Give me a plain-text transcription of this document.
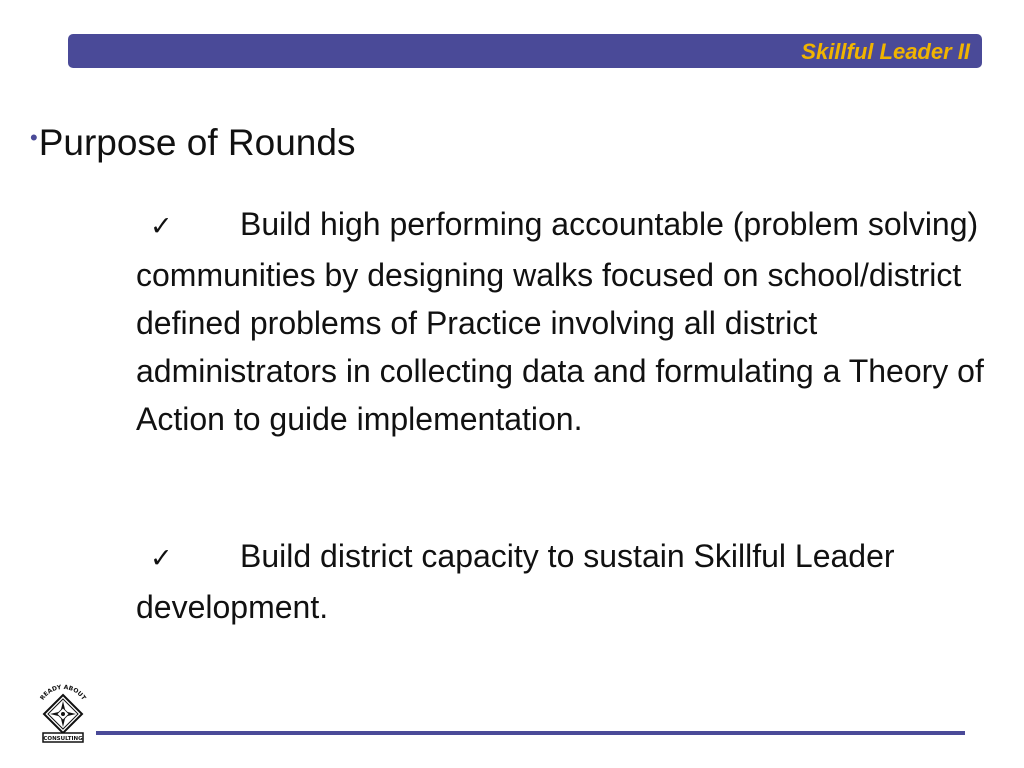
Skillful Leader II
•Purpose of Rounds
✓ Build high performing accountable (problem solving) communities by designing walks focused on school/district defined problems of Practice involving all district administrators in collecting data and formulating a Theory of Action to guide implementation.
✓ Build district capacity to sustain Skillful Leader development.
READY ABOUT
CONSULTING
